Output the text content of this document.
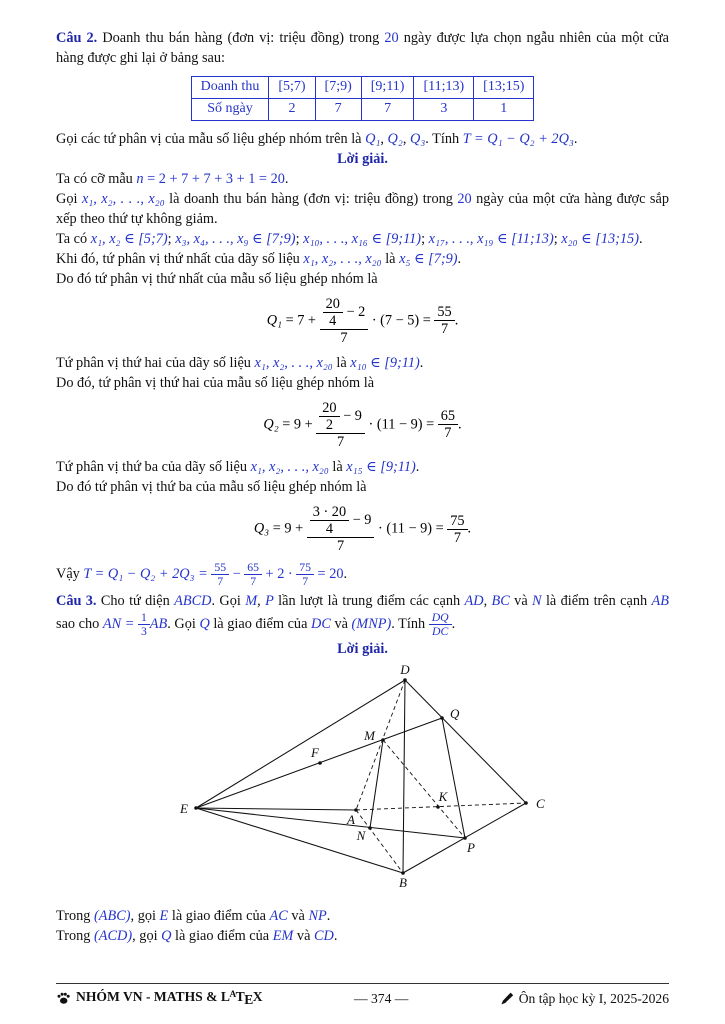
Câu 2. Doanh thu bán hàng (đơn vị: triệu đồng) trong 20 ngày được lựa chọn ngẫu nhiên của một cửa hàng được ghi lại ở bảng sau:

Doanh thu	[5;7)	[7;9)	[9;11)	[11;13)	[13;15)
Số ngày	2	7	7	3	1

Gọi các tứ phân vị của mẫu số liệu ghép nhóm trên là Q₁, Q₂, Q₃. Tính T = Q₁ − Q₂ + 2Q₃.

Lời giải.

Ta có cỡ mẫu n = 2 + 7 + 7 + 3 + 1 = 20.

Gọi x₁, x₂, . . ., x₂₀ là doanh thu bán hàng (đơn vị: triệu đồng) trong 20 ngày của một cửa hàng được sắp xếp theo thứ tự không giảm.

Ta có x₁, x₂ ∈ [5;7); x₃, x₄, . . ., x₉ ∈ [7;9); x₁₀, . . ., x₁₆ ∈ [9;11); x₁₇, . . ., x₁₉ ∈ [11;13); x₂₀ ∈ [13;15).

Khi đó, tứ phân vị thứ nhất của dãy số liệu x₁, x₂, . . ., x₂₀ là x₅ ∈ [7;9).

Do đó tứ phân vị thứ nhất của mẫu số liệu ghép nhóm là

$Q_1 = 7 + \frac{\frac{20}{4} - 2}{7} \cdot (7 - 5) = \frac{55}{7}$ .

Tứ phân vị thứ hai của dãy số liệu x₁, x₂, . . ., x₂₀ là x₁₀ ∈ [9;11).

Do đó, tứ phân vị thứ hai của mẫu số liệu ghép nhóm là

$Q_2 = 9 + \frac{\frac{20}{2} - 9}{7} \cdot (11 - 9) = \frac{65}{7}$ .

Tứ phân vị thứ ba của dãy số liệu x₁, x₂, . . ., x₂₀ là x₁₅ ∈ [9;11).

Do đó tứ phân vị thứ ba của mẫu số liệu ghép nhóm là

$Q_3 = 9 + \frac{\frac{3 \cdot 20}{4} - 9}{7} \cdot (11 - 9) = \frac{75}{7}$ .

Vậy $T = Q_1 - Q_2 + 2Q_3 = \frac{55}{7} - \frac{65}{7} + 2 \cdot \frac{75}{7} = 20$.

Câu 3. Cho tứ diện ABCD. Gọi M, P lần lượt là trung điểm các cạnh AD, BC và N là điểm trên cạnh AB sao cho AN = $\frac{1}{3}$ AB. Gọi Q là giao điểm của DC và (MNP). Tính $\frac{DQ}{DC}$ .

Lời giải.

D
Q
M
F
E
A
K	C
N
P
B

Trong (ABC), gọi E là giao điểm của AC và NP.

Trong (ACD), gọi Q là giao điểm của EM và CD.

NHÓM VN - MATHS & $L^ATEX$	— 374 —	Ôn tập học kỳ I, 2025-2026
